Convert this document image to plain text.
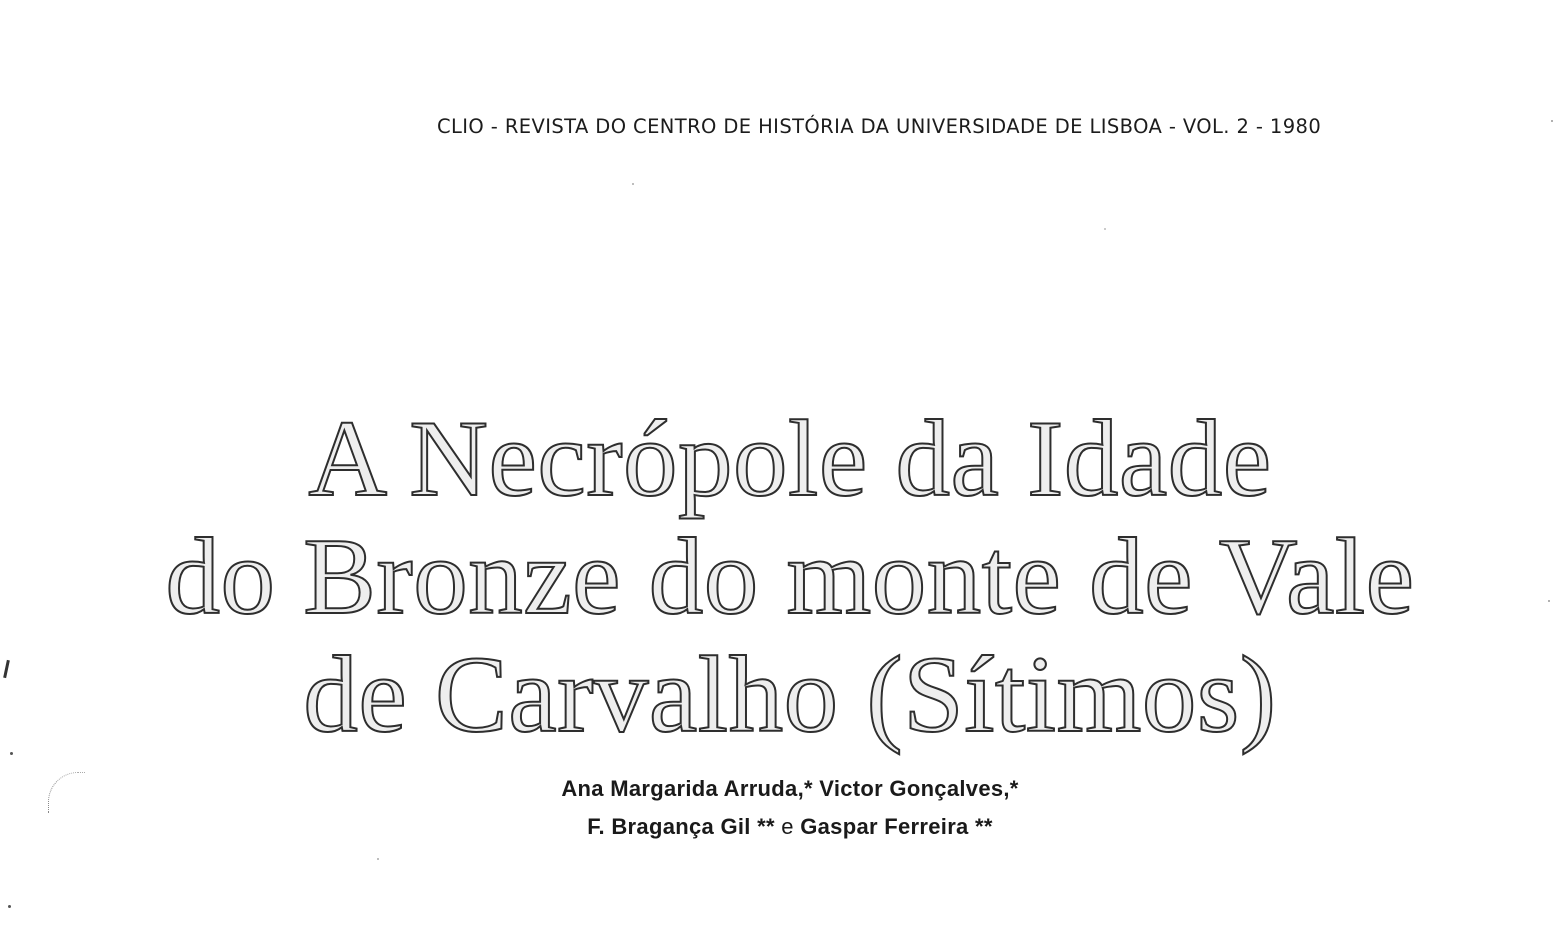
CLIO - REVISTA DO CENTRO DE HISTÓRIA DA UNIVERSIDADE DE LISBOA - VOL. 2 - 1980
A Necrópole da Idade
do Bronze do monte de Vale
de Carvalho (Sítimos)
Ana Margarida Arruda,* Victor Gonçalves,*
F. Bragança Gil ** e Gaspar Ferreira **
